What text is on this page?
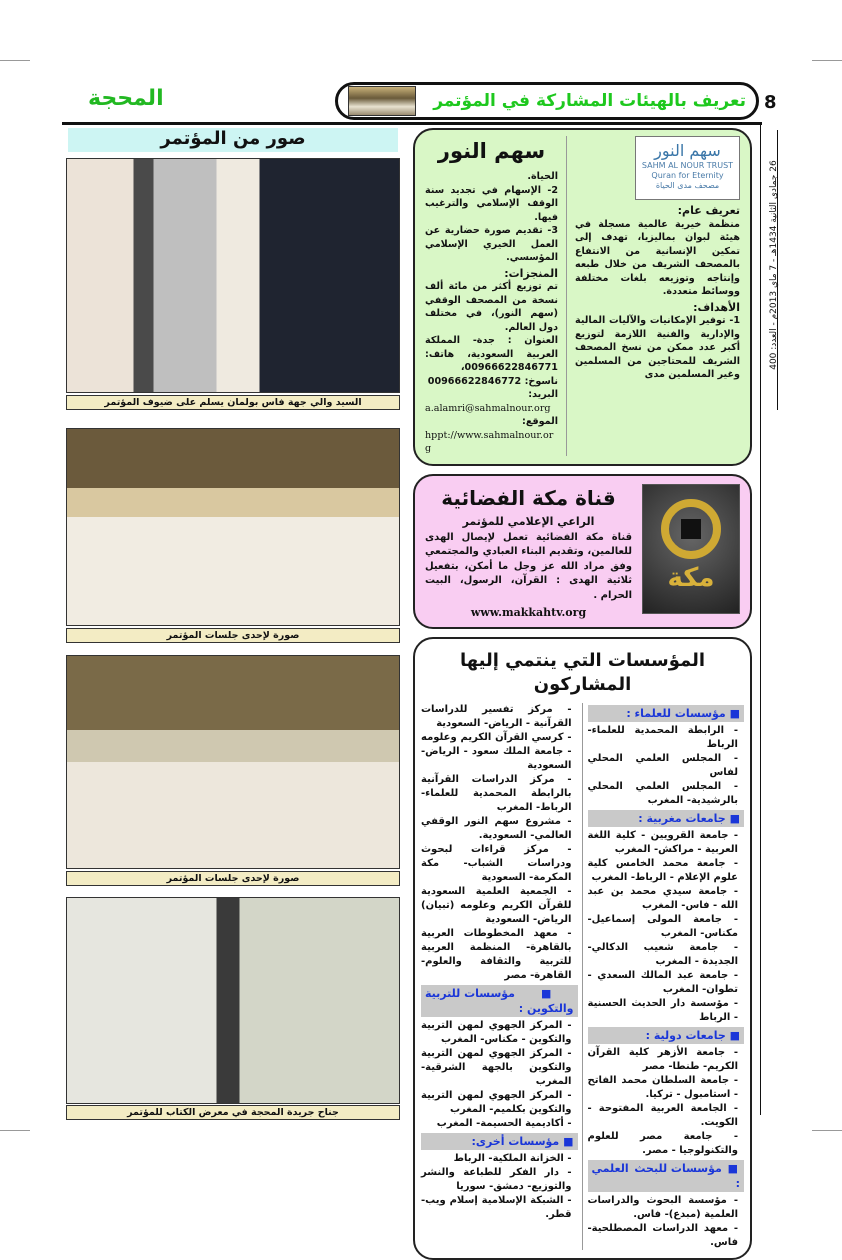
المحجة	تعريف بالهيئات المشاركة في المؤتمر 8
26 جمادى الثانية 1434هـ - 7 ماي 2013م - العدد: 400
سهم النور
SAHM AL NOUR TRUST
Quran for Eternity
مصحف مدى الحياة
تعريف عام:

منظمة خيرية عالمية مسجلة في هيئة لبوان بماليزيا، تهدف إلى تمكين الإنسانية من الانتفاع بالمصحف الشريف من خلال طبعه وإنتاجه وتوزيعه بلغات مختلفة ووسائط متعددة.

الأهداف:

1- توفير الإمكانيات والآليات المالية والإدارية والفنية اللازمة لتوزيع أكبر عدد ممكن من نسخ المصحف الشريف للمحتاجين من المسلمين وغير المسلمين مدى

سهم النور

الحياة.

2- الإسهام في تجديد سنة الوقف الإسلامي والترغيب فيها.

3- تقديم صورة حضارية عن العمل الخيري الإسلامي المؤسسي.

المنجزات:

تم توزيع أكثر من مائة ألف نسخة من المصحف الوقفي (سهم النور)، في مختلف دول العالم.

العنوان : جدة- المملكة العربية السعودية، هاتف: 00966622846771،

ناسوخ: 00966622846772

البريد:

a.alamri@sahmalnour.org

الموقع:

hppt://www.sahmalnour.org

مكة
قناة مكة الفضائية
الراعي الإعلامي للمؤتمر
قناة مكة الفضائية تعمل لإيصال الهدى للعالمين، وتقديم البناء العبادي والمجتمعي وفق مراد الله عز وجل ما أمكن، بتفعيل ثلاثية الهدى : القرآن، الرسول، البيت الحرام .
www.makkahtv.org
المؤسسات التي ينتمي إليها المشاركون
■ مؤسسات للعلماء :
- الرابطة المحمدية للعلماء- الرباط
- المجلس العلمي المحلي لفاس
- المجلس العلمي المحلي بالرشيدية- المغرب
■ جامعات مغربية :
- جامعة القرويين - كلية اللغة العربية - مراكش- المغرب
- جامعة محمد الخامس كلية علوم الإعلام - الرباط- المغرب
- جامعة سيدي محمد بن عبد الله - فاس- المغرب
- جامعة المولى إسماعيل- مكناس- المغرب
- جامعة شعيب الدكالي- الجديدة - المغرب
- جامعة عبد المالك السعدي - تطوان- المغرب
- مؤسسة دار الحديث الحسنية - الرباط
■ جامعات دولية :
- جامعة الأزهر كلية القرآن الكريم- طنطا- مصر
- جامعة السلطان محمد الفاتح - استامبول - تركيا.
- الجامعة العربية المفتوحة - الكويت.
- جامعة مصر للعلوم والتكنولوجيا - مصر.
■ مؤسسات للبحث العلمي :
- مؤسسة البحوث والدراسات العلمية (مبدع)- فاس.
- معهد الدراسات المصطلحية- فاس.
- مركز تفسير للدراسات القرآنية - الرياض- السعودية
- كرسي القرآن الكريم وعلومه - جامعة الملك سعود - الرياض- السعودية
- مركز الدراسات القرآنية بالرابطة المحمدية للعلماء- الرباط- المغرب
- مشروع سهم النور الوقفي العالمي- السعودية.
- مركز قراءات لبحوث ودراسات الشباب- مكة المكرمة- السعودية
- الجمعية العلمية السعودية للقرآن الكريم وعلومه (تبيان) الرياض- السعودية
- معهد المخطوطات العربية بالقاهرة- المنظمة العربية للتربية والثقافة والعلوم- القاهرة- مصر
■ مؤسسات للتربية والتكوين :
- المركز الجهوي لمهن التربية والتكوين - مكناس- المغرب
- المركز الجهوي لمهن التربية والتكوين بالجهة الشرقية- المغرب
- المركز الجهوي لمهن التربية والتكوين بكلميم- المغرب
- أكاديمية الحسيمة- المغرب
■ مؤسسات أخرى:
- الخزانة الملكية- الرباط
- دار الفكر للطباعة والنشر والتوزيع- دمشق- سوريا
- الشبكة الإسلامية إسلام ويب- قطر.
صور من المؤتمر
السيد والي جهة فاس بولمان يسلم على ضيوف المؤتمر
صورة لإحدى جلسات المؤتمر
صورة لإحدى جلسات المؤتمر
جناح جريدة المحجة في معرض الكتاب للمؤتمر
